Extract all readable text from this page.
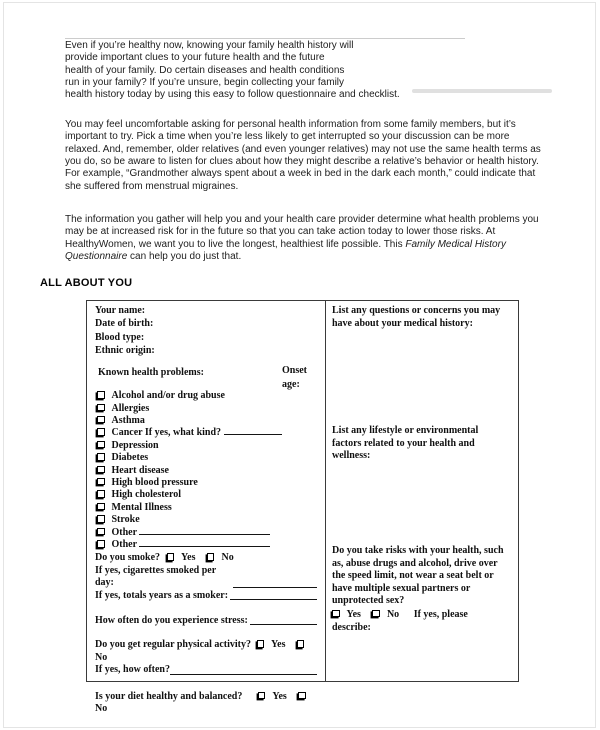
Even if you’re healthy now, knowing your family health history will
provide important clues to your future health and the future
health of your family. Do certain diseases and health conditions
run in your family? If you’re unsure, begin collecting your family
health history today by using this easy to follow questionnaire and checklist.
You may feel uncomfortable asking for personal health information from some family members, but it’s important to try. Pick a time when you’re less likely to get interrupted so your discussion can be more relaxed. And, remember, older relatives (and even younger relatives) may not use the same health terms as you do, so be aware to listen for clues about how they might describe a relative’s behavior or health history. For example, “Grandmother always spent about a week in bed in the dark each month,” could indicate that she suffered from menstrual migraines.
The information you gather will help you and your health care provider determine what health problems you may be at increased risk for in the future so that you can take action today to lower those risks. At HealthyWomen, we want you to live the longest, healthiest life possible. This Family Medical History Questionnaire can help you do just that.
ALL ABOUT YOU
Your name:
Date of birth:
Blood type:
Ethnic origin:
Known health problems:	Onset
age:
Alcohol and/or drug abuse
Allergies
Asthma
Cancer If yes, what kind?
Depression
Diabetes
Heart disease
High blood pressure
High cholesterol
Mental Illness
Stroke
Other
Other
Do you smoke? Yes	No
If yes, cigarettes smoked per day:
If yes, totals years as a smoker:
How often do you experience stress:
Do you get regular physical activity? Yes No
If yes, how often?
Is your diet healthy and balanced?	Yes No
List any questions or concerns you may have about your medical history:
List any lifestyle or environmental factors related to your health and wellness:
Do you take risks with your health, such as, abuse drugs and alcohol, drive over the speed limit, not wear a seat belt or have multiple sexual partners or unprotected sex?
Yes	No If yes, please describe:
